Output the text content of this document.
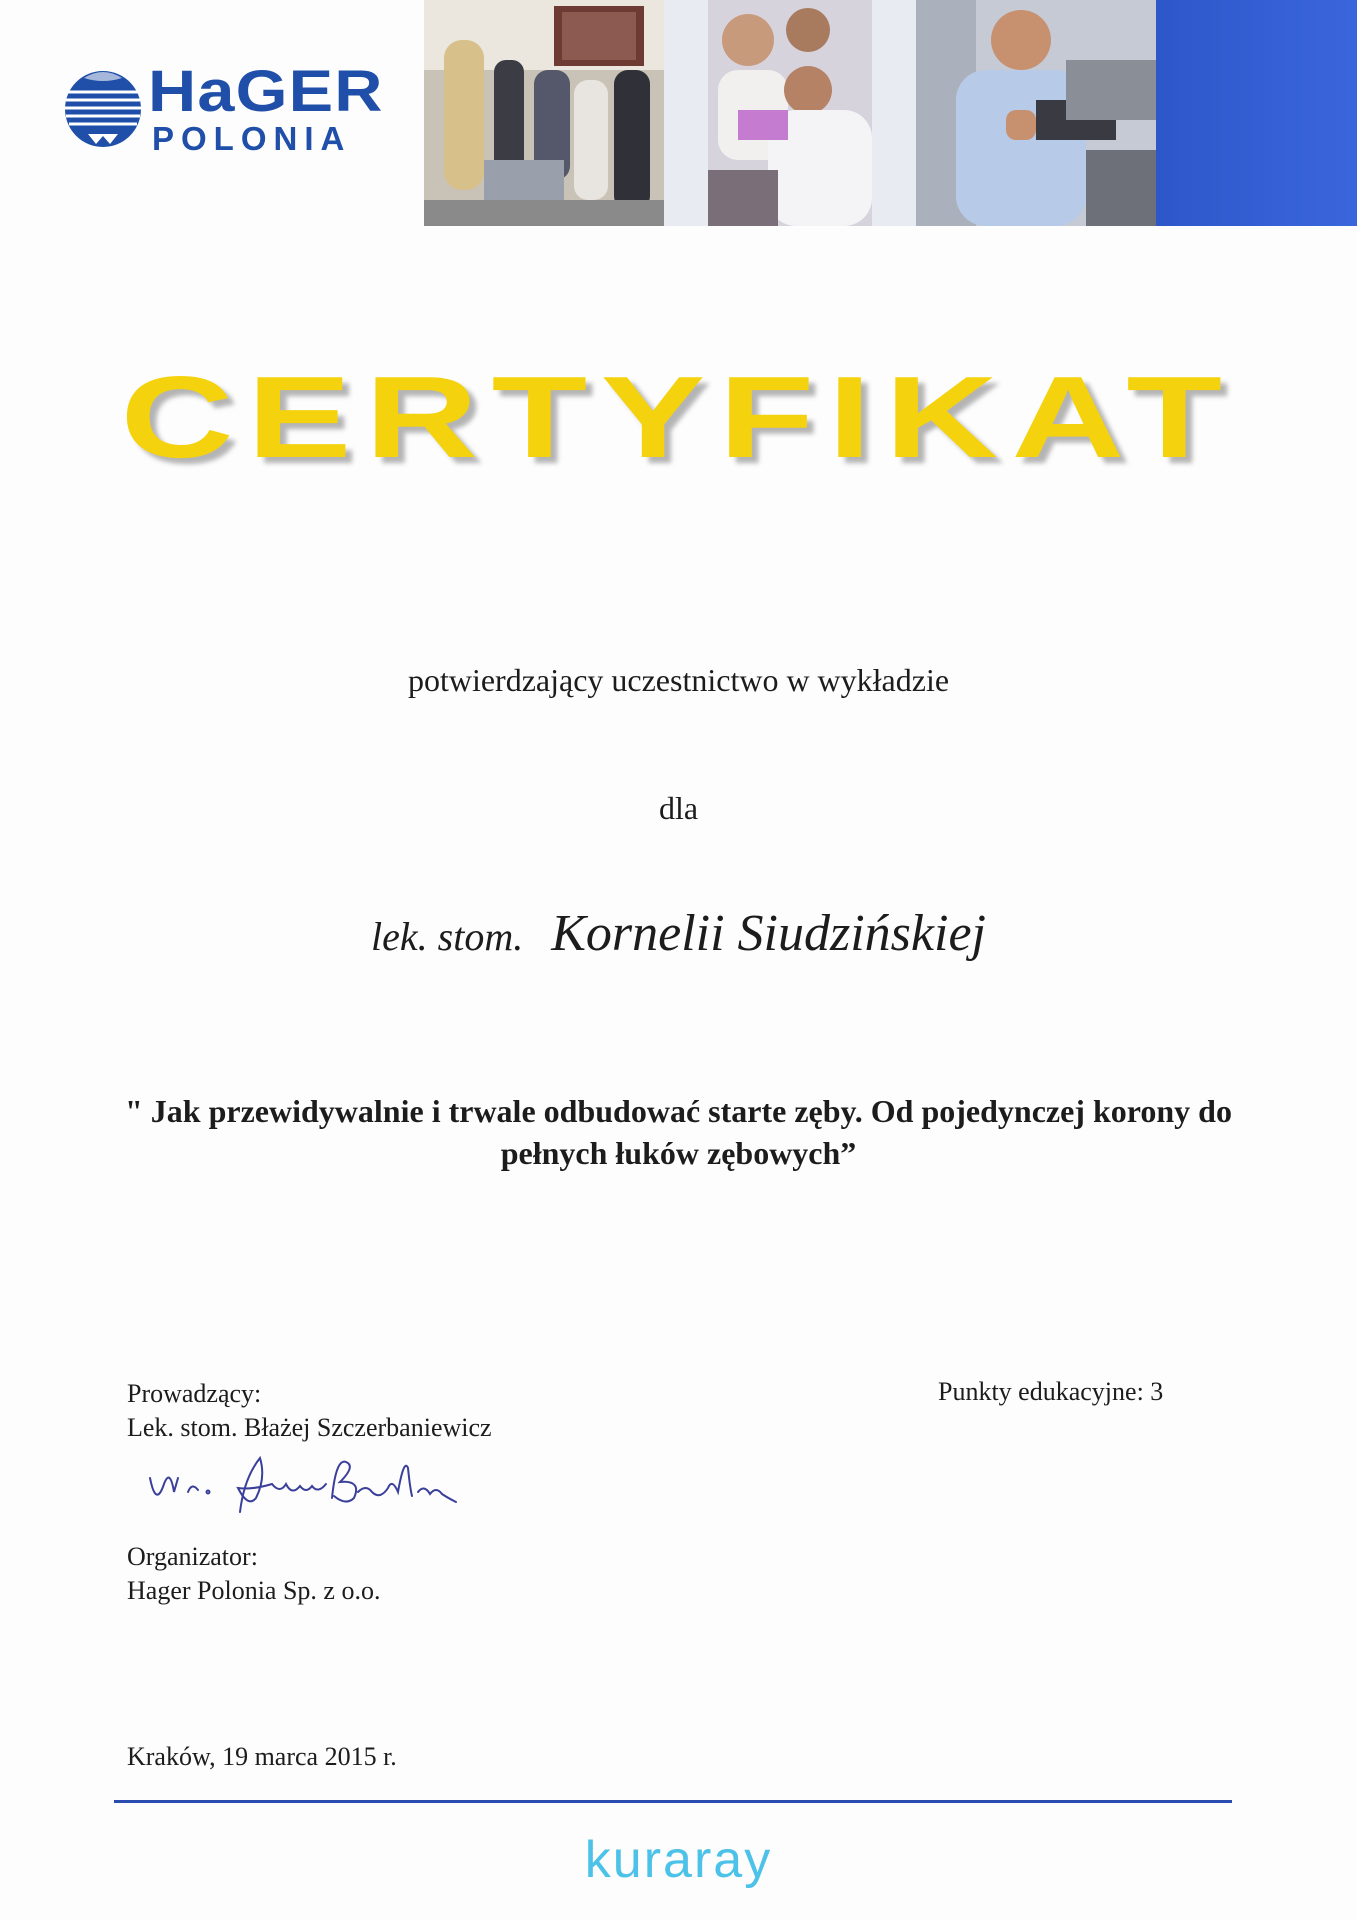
HaGER
POLONIA
CERTYFIKAT
potwierdzający uczestnictwo w wykładzie
dla
lek. stom. Kornelii Siudzińskiej
" Jak przewidywalnie i trwale odbudować starte zęby. Od pojedynczej korony do pełnych łuków zębowych”
Prowadzący:
Lek. stom. Błażej Szczerbaniewicz
Punkty edukacyjne: 3
Organizator:
Hager Polonia Sp. z o.o.
Kraków, 19 marca 2015 r.
kuraray
